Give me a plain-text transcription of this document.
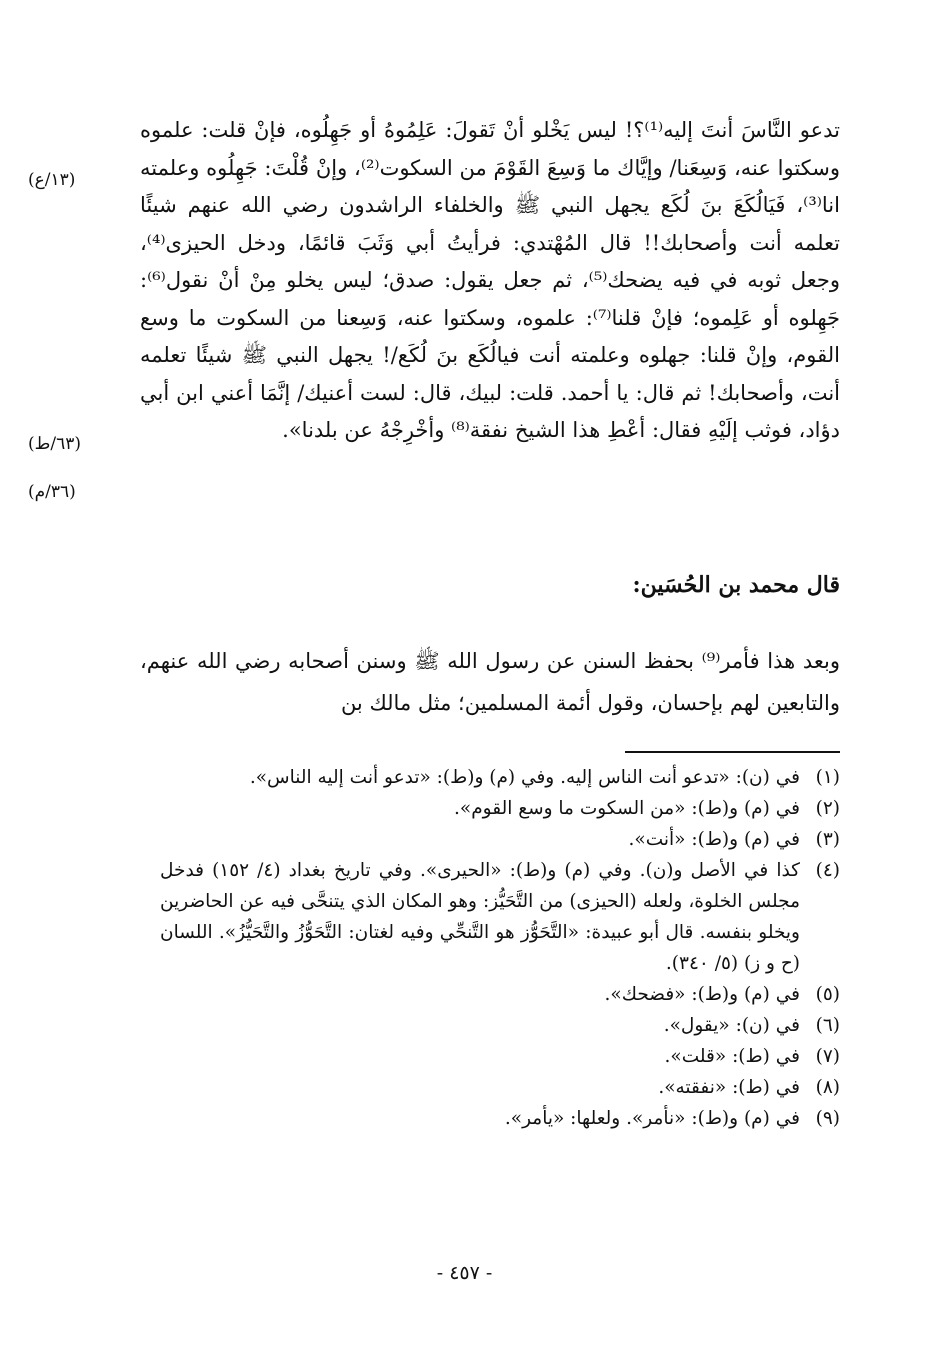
تدعو النَّاسَ أنتَ إليه⁽¹⁾؟! ليس يَخْلو أنْ تَقولَ: عَلِمُوهُ أو جَهِلُوه، فإنْ قلت: علموه وسكتوا عنه، وَسِعَنا/ وإيَّاك ما وَسِعَ القَوْمَ من السكوت⁽²⁾، وإنْ قُلْتَ: جَهِلُوه وعلمته انا⁽³⁾، فَيَالُكَعَ بنَ لُكَع يجهل النبي ﷺ والخلفاء الراشدون رضي الله عنهم شيئًا تعلمه أنت وأصحابك!! قال المُهْتدي: فرأيتُ أبي وَثَبَ قائمًا، ودخل الحيزى⁽⁴⁾، وجعل ثوبه في فيه يضحك⁽⁵⁾، ثم جعل يقول: صدق؛ ليس يخلو مِنْ أنْ نقول⁽⁶⁾: جَهِلوه أو عَلِموه؛ فإنْ قلنا⁽⁷⁾: علموه، وسكتوا عنه، وَسِعنا من السكوت ما وسع القوم، وإنْ قلنا: جهلوه وعلمته أنت فيالُكَع بنَ لُكَع/! يجهل النبي ﷺ شيئًا تعلمه أنت، وأصحابك! ثم قال: يا أحمد. قلت: لبيك، قال: لست أعنيك/ إنَّمَا أعني ابن أبي دؤاد، فوثب إلَيْهِ فقال: أعْطِ هذا الشيخ نفقة⁽⁸⁾ وأخْرِجْهُ عن بلدنا».

(١٣/ع)
(٦٣/ط)
(٣٦/م)
قال محمد بن الحُسَين:
وبعد هذا فأمر⁽⁹⁾ بحفظ السنن عن رسول الله ﷺ وسنن أصحابه رضي الله عنهم، والتابعين لهم بإحسان، وقول أئمة المسلمين؛ مثل مالك بن
(١)
في (ن): «تدعو أنت الناس إليه. وفي (م) و(ط): «تدعو أنت إليه الناس».
(٢)
في (م) و(ط): «من السكوت ما وسع القوم».
(٣)
في (م) و(ط): «أنت».
(٤)
كذا في الأصل و(ن). وفي (م) و(ط): «الحيرى». وفي تاريخ بغداد (٤/ ١٥٢) فدخل مجلس الخلوة، ولعله (الحيزى) من التَّحَيُّز: وهو المكان الذي يتنحَّى فيه عن الحاضرين ويخلو بنفسه. قال أبو عبيدة: «التَّحَوُّز هو التَّنحِّي وفيه لغتان: التَّحَوُّزُ والتَّحَيُّزُ». اللسان (ح و ز) (٥/ ٣٤٠).
(٥)
في (م) و(ط): «فضحك».
(٦)
في (ن): «يقول».
(٧)
في (ط): «قلت».
(٨)
في (ط): «نفقته».
(٩)
في (م) و(ط): «نأمر». ولعلها: «يأمر».
- ٤٥٧ -
